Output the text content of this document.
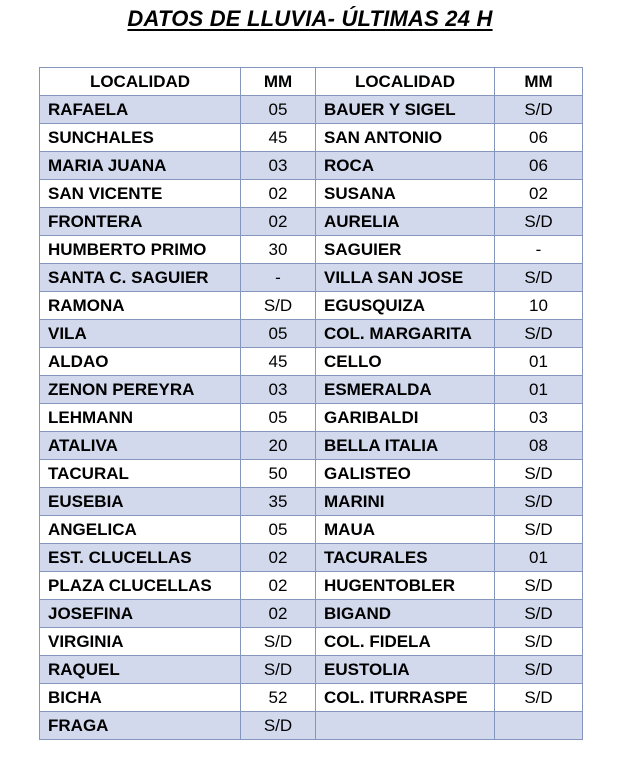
DATOS DE LLUVIA- ÚLTIMAS 24 H
LOCALIDAD	MM	LOCALIDAD	MM
RAFAELA	05	BAUER Y SIGEL	S/D
SUNCHALES	45	SAN ANTONIO	06
MARIA JUANA	03	ROCA	06
SAN VICENTE	02	SUSANA	02
FRONTERA	02	AURELIA	S/D
HUMBERTO PRIMO	30	SAGUIER	-
SANTA C. SAGUIER	-	VILLA SAN JOSE	S/D
RAMONA	S/D	EGUSQUIZA	10
VILA	05	COL. MARGARITA	S/D
ALDAO	45	CELLO	01
ZENON PEREYRA	03	ESMERALDA	01
LEHMANN	05	GARIBALDI	03
ATALIVA	20	BELLA ITALIA	08
TACURAL	50	GALISTEO	S/D
EUSEBIA	35	MARINI	S/D
ANGELICA	05	MAUA	S/D
EST. CLUCELLAS	02	TACURALES	01
PLAZA CLUCELLAS	02	HUGENTOBLER	S/D
JOSEFINA	02	BIGAND	S/D
VIRGINIA	S/D	COL. FIDELA	S/D
RAQUEL	S/D	EUSTOLIA	S/D
BICHA	52	COL. ITURRASPE	S/D
FRAGA	S/D		
